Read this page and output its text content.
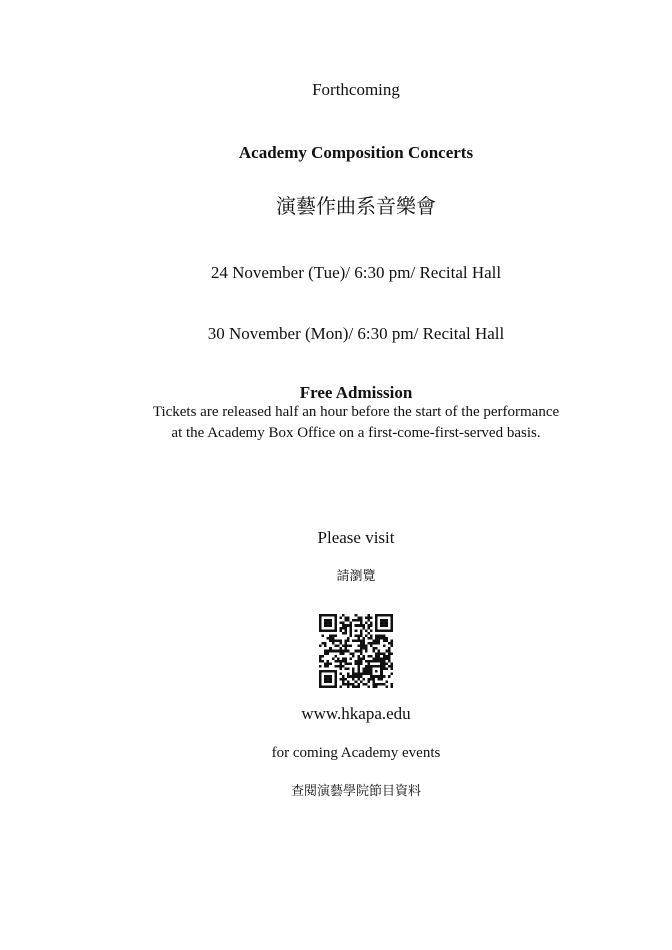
Forthcoming
Academy Composition Concerts
演藝作曲系音樂會
24 November (Tue)/ 6:30 pm/ Recital Hall
30 November (Mon)/ 6:30 pm/ Recital Hall
Free Admission
Tickets are released half an hour before the start of the performance
at the Academy Box Office on a first-come-first-served basis.
Please visit
請瀏覽
www.hkapa.edu
for coming Academy events
查閱演藝學院節目資料
